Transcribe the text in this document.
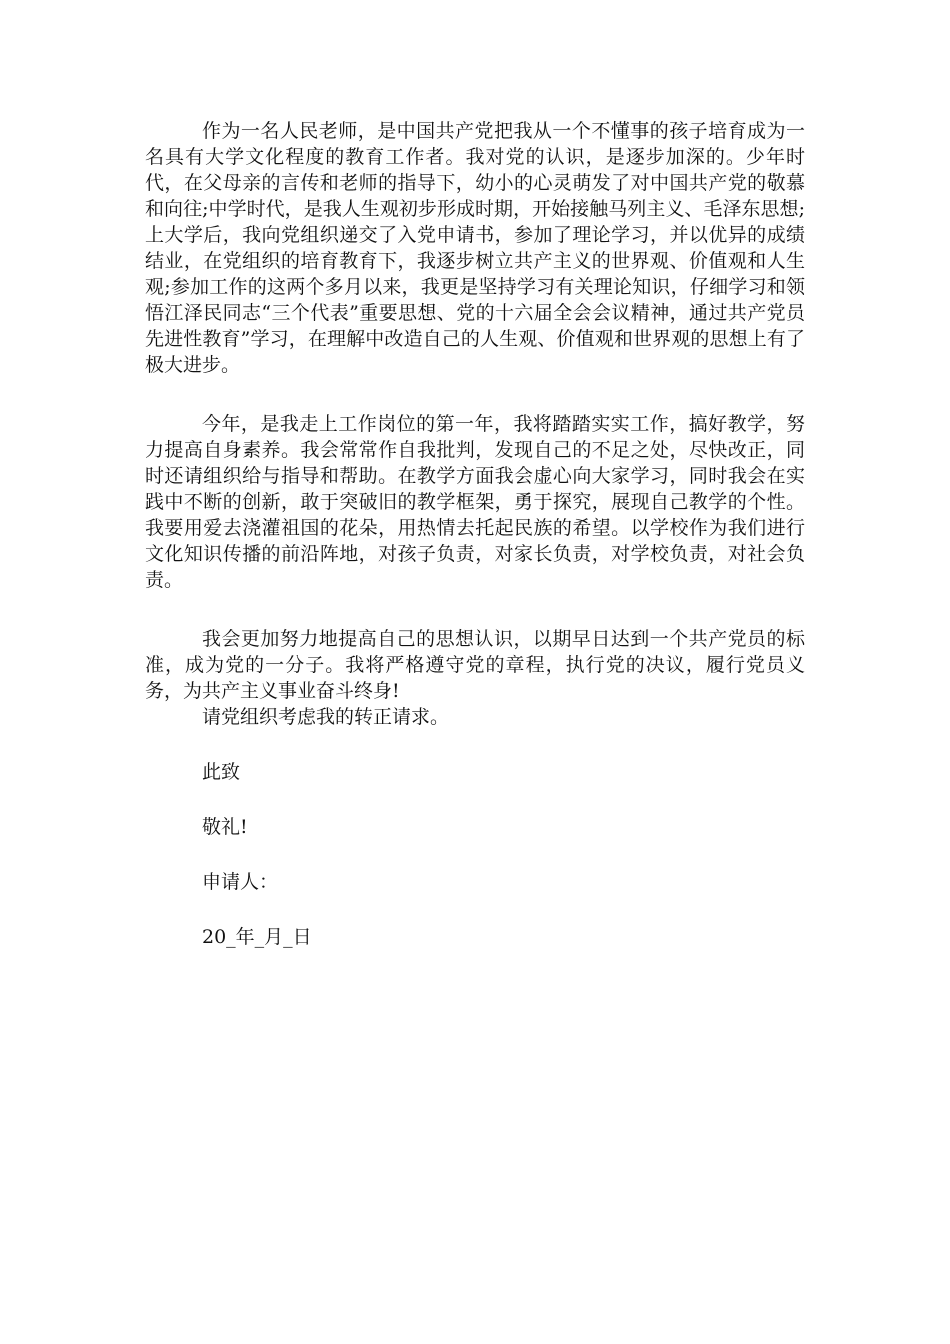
作为一名人民老师，是中国共产党把我从一个不懂事的孩子培育成为一名具有大学文化程度的教育工作者。我对党的认识，是逐步加深的。少年时代，在父母亲的言传和老师的指导下，幼小的心灵萌发了对中国共产党的敬慕和向往;中学时代，是我人生观初步形成时期，开始接触马列主义、毛泽东思想;上大学后，我向党组织递交了入党申请书，参加了理论学习，并以优异的成绩结业，在党组织的培育教育下，我逐步树立共产主义的世界观、价值观和人生观;参加工作的这两个多月以来，我更是坚持学习有关理论知识，仔细学习和领悟江泽民同志“三个代表”重要思想、党的十六届全会会议精神，通过共产党员先进性教育”学习，在理解中改造自己的人生观、价值观和世界观的思想上有了极大进步。

今年，是我走上工作岗位的第一年，我将踏踏实实工作，搞好教学，努力提高自身素养。我会常常作自我批判，发现自己的不足之处，尽快改正，同时还请组织给与指导和帮助。在教学方面我会虚心向大家学习，同时我会在实践中不断的创新，敢于突破旧的教学框架，勇于探究，展现自己教学的个性。我要用爱去浇灌祖国的花朵，用热情去托起民族的希望。以学校作为我们进行文化知识传播的前沿阵地，对孩子负责，对家长负责，对学校负责，对社会负责。

我会更加努力地提高自己的思想认识，以期早日达到一个共产党员的标准，成为党的一分子。我将严格遵守党的章程，执行党的决议，履行党员义务，为共产主义事业奋斗终身!

请党组织考虑我的转正请求。

此致

敬礼!

申请人：

20_年_月_日
